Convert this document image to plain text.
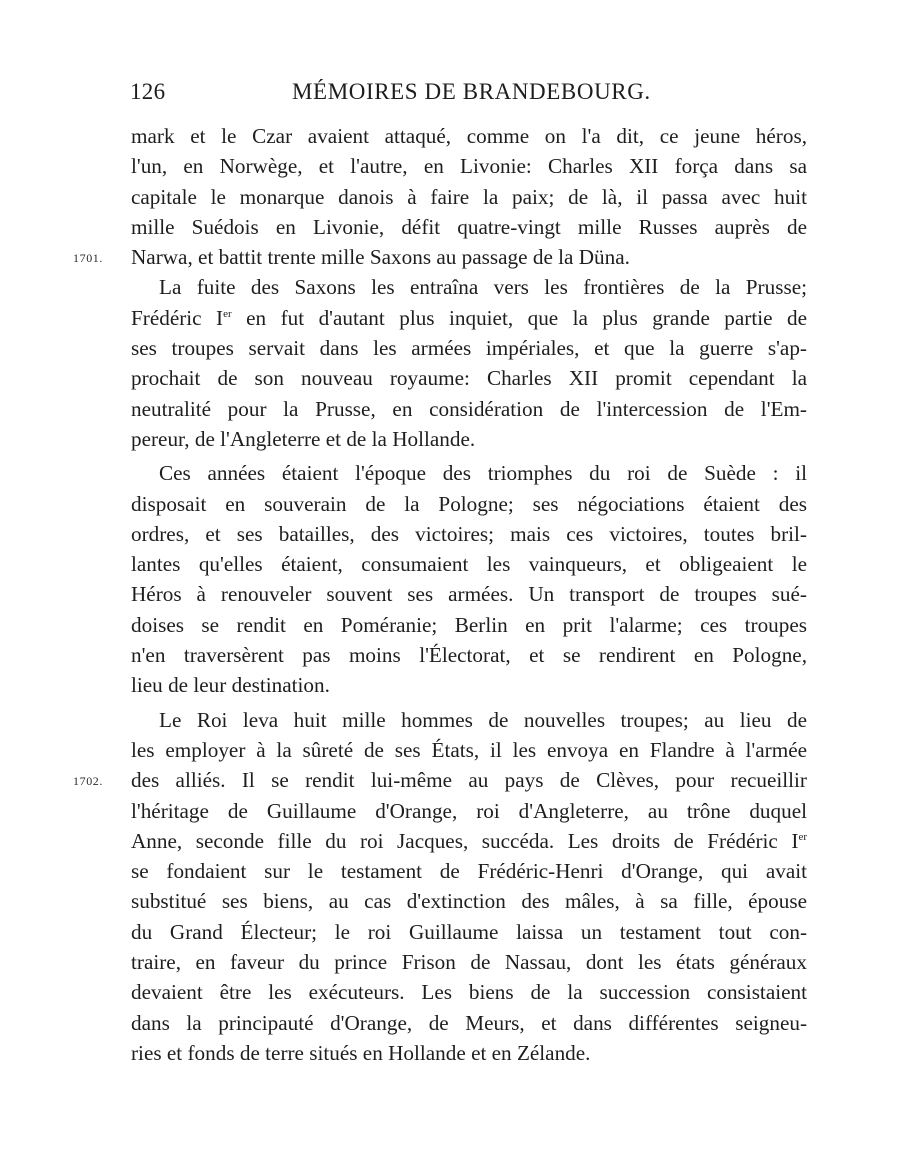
126	MÉMOIRES DE BRANDEBOURG.
mark et le Czar avaient attaqué, comme on l'a dit, ce jeune héros,
l'un, en Norwège, et l'autre, en Livonie: Charles XII força dans sa
capitale le monarque danois à faire la paix; de là, il passa avec huit
mille Suédois en Livonie, défit quatre-vingt mille Russes auprès de
1701. Narwa, et battit trente mille Saxons au passage de la Düna.
La fuite des Saxons les entraîna vers les frontières de la Prusse;
Frédéric Ier en fut d'autant plus inquiet, que la plus grande partie de
ses troupes servait dans les armées impériales, et que la guerre s'ap-
prochait de son nouveau royaume: Charles XII promit cependant la
neutralité pour la Prusse, en considération de l'intercession de l'Em-
pereur, de l'Angleterre et de la Hollande.
Ces années étaient l'époque des triomphes du roi de Suède : il
disposait en souverain de la Pologne; ses négociations étaient des
ordres, et ses batailles, des victoires; mais ces victoires, toutes bril-
lantes qu'elles étaient, consumaient les vainqueurs, et obligeaient le
Héros à renouveler souvent ses armées. Un transport de troupes sué-
doises se rendit en Poméranie; Berlin en prit l'alarme; ces troupes
n'en traversèrent pas moins l'Électorat, et se rendirent en Pologne,
lieu de leur destination.
Le Roi leva huit mille hommes de nouvelles troupes; au lieu de
les employer à la sûreté de ses États, il les envoya en Flandre à l'armée
1702. des alliés. Il se rendit lui-même au pays de Clèves, pour recueillir
l'héritage de Guillaume d'Orange, roi d'Angleterre, au trône duquel
Anne, seconde fille du roi Jacques, succéda. Les droits de Frédéric Ier
se fondaient sur le testament de Frédéric-Henri d'Orange, qui avait
substitué ses biens, au cas d'extinction des mâles, à sa fille, épouse
du Grand Électeur; le roi Guillaume laissa un testament tout con-
traire, en faveur du prince Frison de Nassau, dont les états généraux
devaient être les exécuteurs. Les biens de la succession consistaient
dans la principauté d'Orange, de Meurs, et dans différentes seigneu-
ries et fonds de terre situés en Hollande et en Zélande.
